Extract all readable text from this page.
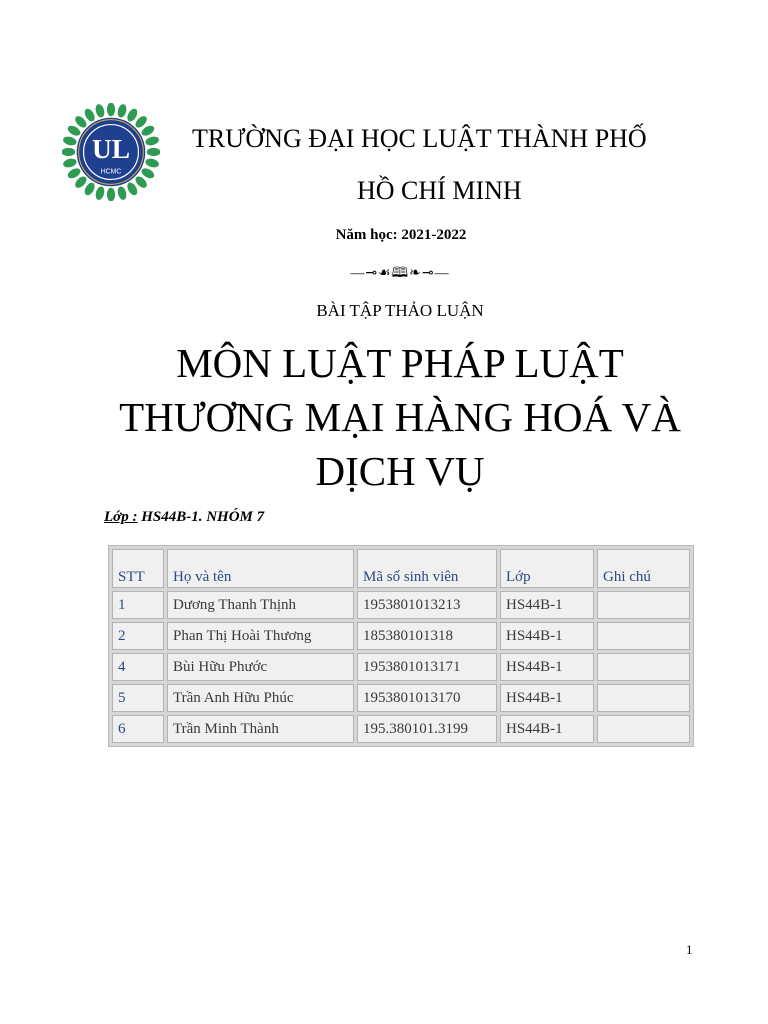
UL
HCMC
TRƯỜNG ĐẠI HỌC LUẬT THÀNH PHỐ
HỒ CHÍ MINH
Năm học: 2021-2022
—⊸☙🕮❧⊸—
BÀI TẬP THẢO LUẬN
MÔN LUẬT PHÁP LUẬT THƯƠNG MẠI HÀNG HOÁ VÀ DỊCH VỤ
Lớp : HS44B-1. NHÓM 7
STT	Họ và tên	Mã số sinh viên	Lớp	Ghi chú
1	Dương Thanh Thịnh	1953801013213	HS44B-1	
2	Phan Thị Hoài Thương	185380101318	HS44B-1	
4	Bùi Hữu Phước	1953801013171	HS44B-1	
5	Trần Anh Hữu Phúc	1953801013170	HS44B-1	
6	Trần Minh Thành	195.380101.3199	HS44B-1	
1
